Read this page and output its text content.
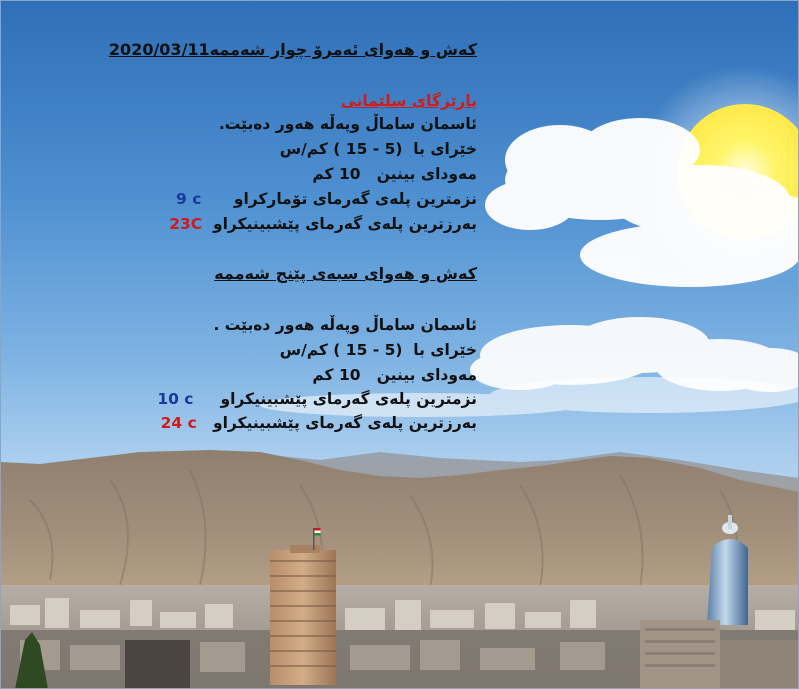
کەش و هەوای ئەمرۆ چوار شەممە2020/03/11
پارێزگای سلێمانی
ئاسمان ساماڵ وپەڵە هەور دەبێت.
خێرای با  (5 - 15 ) کم/س
مەودای بینین   10 کم
نزمترین پلەی گەرمای تۆمارکراو      9 c
بەرزترین پلەی گەرمای پێشبینیکراو  23C
کەش و هەوای سبەی پێنج شەممە
ئاسمان ساماڵ وپەڵە هەور دەبێت .
خێرای با  (5 - 15 ) کم/س
مەودای بینین   10 کم
نزمترین پلەی گەرمای پێشبینیکراو     10 c
بەرزترین پلەی گەرمای پێشبینیکراو   24 c
